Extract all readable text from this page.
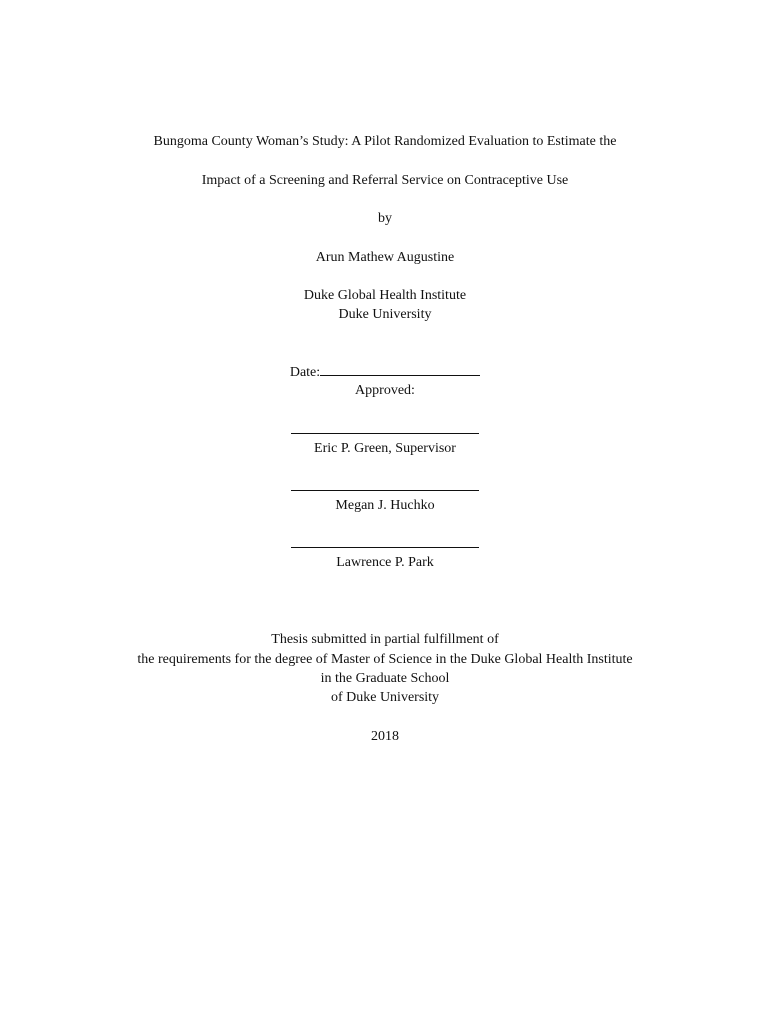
Bungoma County Woman’s Study: A Pilot Randomized Evaluation to Estimate the
Impact of a Screening and Referral Service on Contraceptive Use
by
Arun Mathew Augustine
Duke Global Health Institute
Duke University
Date:
Approved:
Eric P. Green, Supervisor
Megan J. Huchko
Lawrence P. Park
Thesis submitted in partial fulfillment of
the requirements for the degree of Master of Science in the Duke Global Health Institute
in the Graduate School
of Duke University
2018
